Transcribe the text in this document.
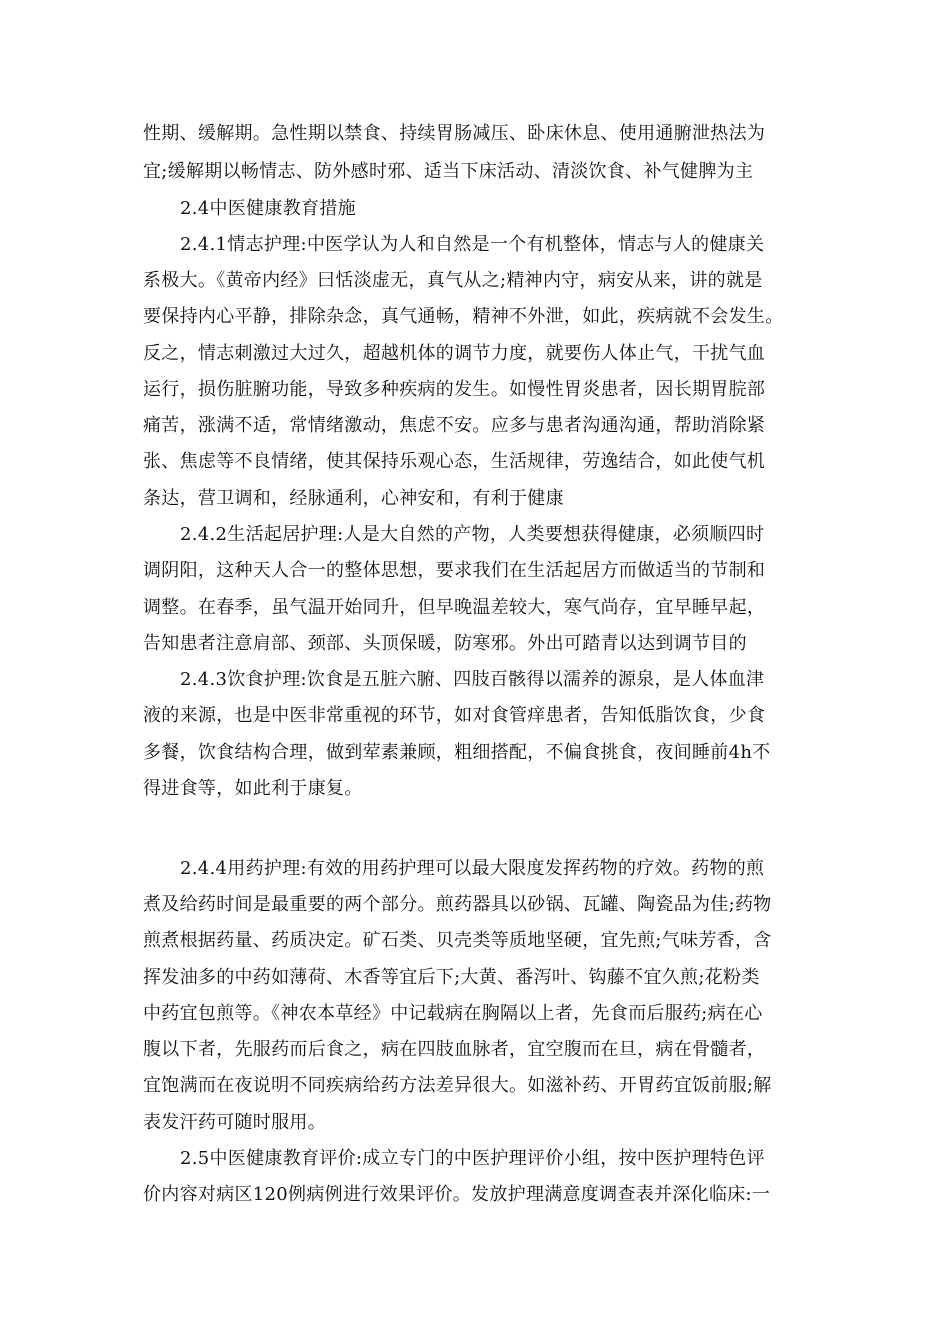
性期、缓解期。急性期以禁食、持续胃肠减压、卧床休息、使用通腑泄热法为
宜;缓解期以畅情志、防外感时邪、适当下床活动、清淡饮食、补气健脾为主
2.4中医健康教育措施
2.4.1情志护理:中医学认为人和自然是一个有机整体，情志与人的健康关
系极大。《黄帝内经》曰恬淡虚无，真气从之;精神内守，病安从来，讲的就是
要保持内心平静，排除杂念，真气通畅，精神不外泄，如此，疾病就不会发生。
反之，情志刺激过大过久，超越机体的调节力度，就要伤人体止气，干扰气血
运行，损伤脏腑功能，导致多种疾病的发生。如慢性胃炎患者，因长期胃脘部
痛苦，涨满不适，常情绪激动，焦虑不安。应多与患者沟通沟通，帮助消除紧
张、焦虑等不良情绪，使其保持乐观心态，生活规律，劳逸结合，如此使气机
条达，营卫调和，经脉通利，心神安和，有利于健康
2.4.2生活起居护理:人是大自然的产物，人类要想获得健康，必须顺四时
调阴阳，这种天人合一的整体思想，要求我们在生活起居方而做适当的节制和
调整。在春季，虽气温开始同升，但早晚温差较大，寒气尚存，宜早睡早起，
告知患者注意肩部、颈部、头顶保暖，防寒邪。外出可踏青以达到调节目的
2.4.3饮食护理:饮食是五脏六腑、四肢百骸得以濡养的源泉，是人体血津
液的来源，也是中医非常重视的环节，如对食管痒患者，告知低脂饮食，少食
多餐，饮食结构合理，做到荤素兼顾，粗细搭配，不偏食挑食，夜间睡前4h不
得进食等，如此利于康复。
2.4.4用药护理:有效的用药护理可以最大限度发挥药物的疗效。药物的煎
煮及给药时间是最重要的两个部分。煎药器具以砂锅、瓦罐、陶瓷品为佳;药物
煎煮根据药量、药质决定。矿石类、贝壳类等质地坚硬，宜先煎;气味芳香，含
挥发油多的中药如薄荷、木香等宜后下;大黄、番泻叶、钩藤不宜久煎;花粉类
中药宜包煎等。《神农本草经》中记载病在胸隔以上者，先食而后服药;病在心
腹以下者，先服药而后食之，病在四肢血脉者，宜空腹而在旦，病在骨髓者，
宜饱满而在夜说明不同疾病给药方法差异很大。如滋补药、开胃药宜饭前服;解
表发汗药可随时服用。
2.5中医健康教育评价:成立专门的中医护理评价小组，按中医护理特色评
价内容对病区120例病例进行效果评价。发放护理满意度调查表并深化临床:一
